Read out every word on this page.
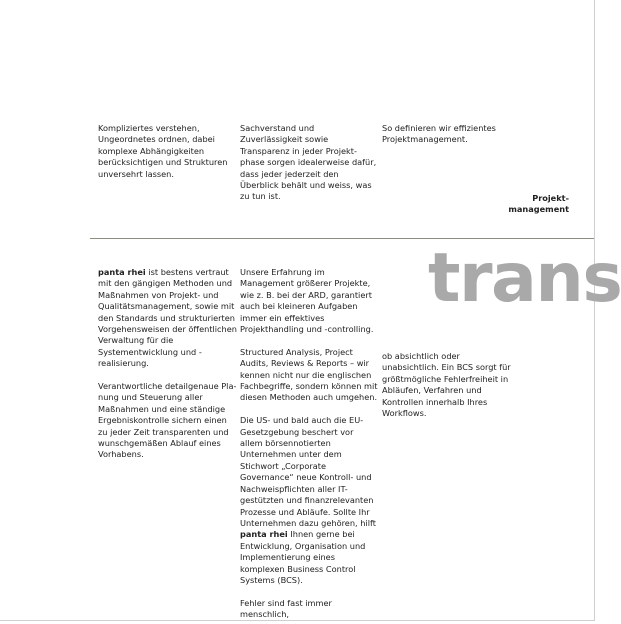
Kompliziertes verstehen, Ungeordnetes ordnen, dabei komplexe Abhängigkeiten berücksichtigen und Strukturen unversehrt lassen.

Sachverstand und Zuverlässigkeit sowie Transparenz in jeder Projektphase sorgen idealerweise dafür, dass jeder jederzeit den Überblick behält und weiss, was zu tun ist.

So definieren wir effizientes Projektmanagement.

Projektmanagement
trans

panta rhei ist bestens vertraut mit den gängigen Methoden und Maßnahmen von Projekt- und Qualitätsmanagement, sowie mit den Standards und strukturierten Vorgehensweisen der öffentlichen Verwaltung für die Systementwicklung und -realisierung.

Verantwortliche detailgenaue Planung und Steuerung aller Maßnahmen und eine ständige Ergebniskontrolle sichern einen zu jeder Zeit transparenten und wunschgemäßen Ablauf eines Vorhabens.

Unsere Erfahrung im Management größerer Projekte, wie z. B. bei der ARD, garantiert auch bei kleineren Aufgaben immer ein effektives Projekthandling und -controlling.

Structured Analysis, Project Audits, Reviews & Reports – wir kennen nicht nur die englischen Fachbegriffe, sondern können mit diesen Methoden auch umgehen.

Die US- und bald auch die EU-Gesetzgebung beschert vor allem börsennotierten Unternehmen unter dem Stichwort „Corporate Governance“ neue Kontroll- und Nachweispflichten aller IT-gestützten und finanzrelevanten Prozesse und Abläufe. Sollte Ihr Unternehmen dazu gehören, hilft panta rhei Ihnen gerne bei Entwicklung, Organisation und Implementierung eines komplexen Business Control Systems (BCS).

Fehler sind fast immer menschlich,

ob absichtlich oder unabsichtlich. Ein BCS sorgt für größtmögliche Fehlerfreiheit in Abläufen, Verfahren und Kontrollen innerhalb Ihres Workflows.
